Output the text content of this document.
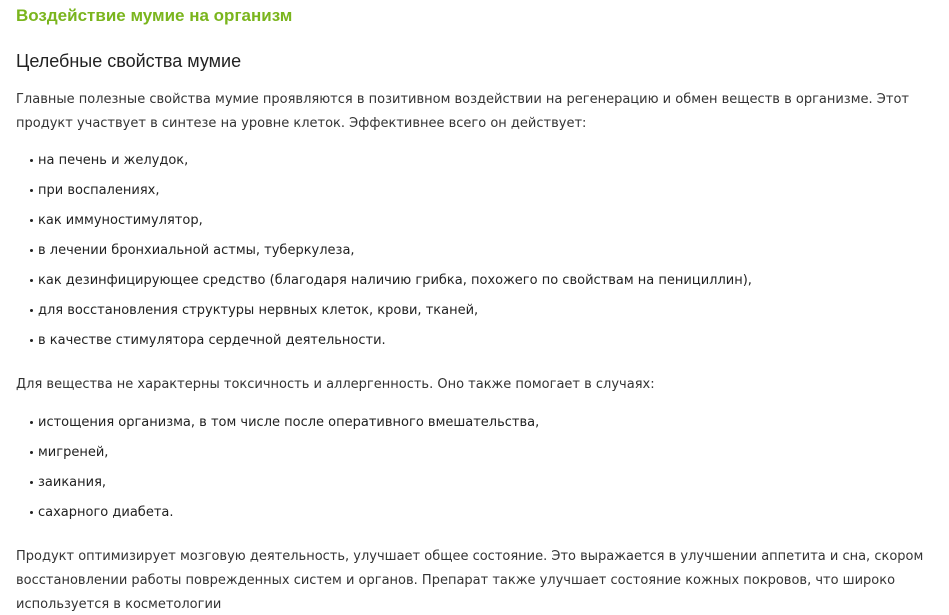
Воздействие мумие на организм
Целебные свойства мумие

Главные полезные свойства мумие проявляются в позитивном воздействии на регенерацию и обмен веществ в организме. Этот продукт участвует в синтезе на уровне клеток. Эффективнее всего он действует:

на печень и желудок,
при воспалениях,
как иммуностимулятор,
в лечении бронхиальной астмы, туберкулеза,
как дезинфицирующее средство (благодаря наличию грибка, похожего по свойствам на пенициллин),
для восстановления структуры нервных клеток, крови, тканей,
в качестве стимулятора сердечной деятельности.

Для вещества не характерны токсичность и аллергенность. Оно также помогает в случаях:

истощения организма, в том числе после оперативного вмешательства,
мигреней,
заикания,
сахарного диабета.

Продукт оптимизирует мозговую деятельность, улучшает общее состояние. Это выражается в улучшении аппетита и сна, скором восстановлении работы поврежденных систем и органов. Препарат также улучшает состояние кожных покровов, что широко используется в косметологии
